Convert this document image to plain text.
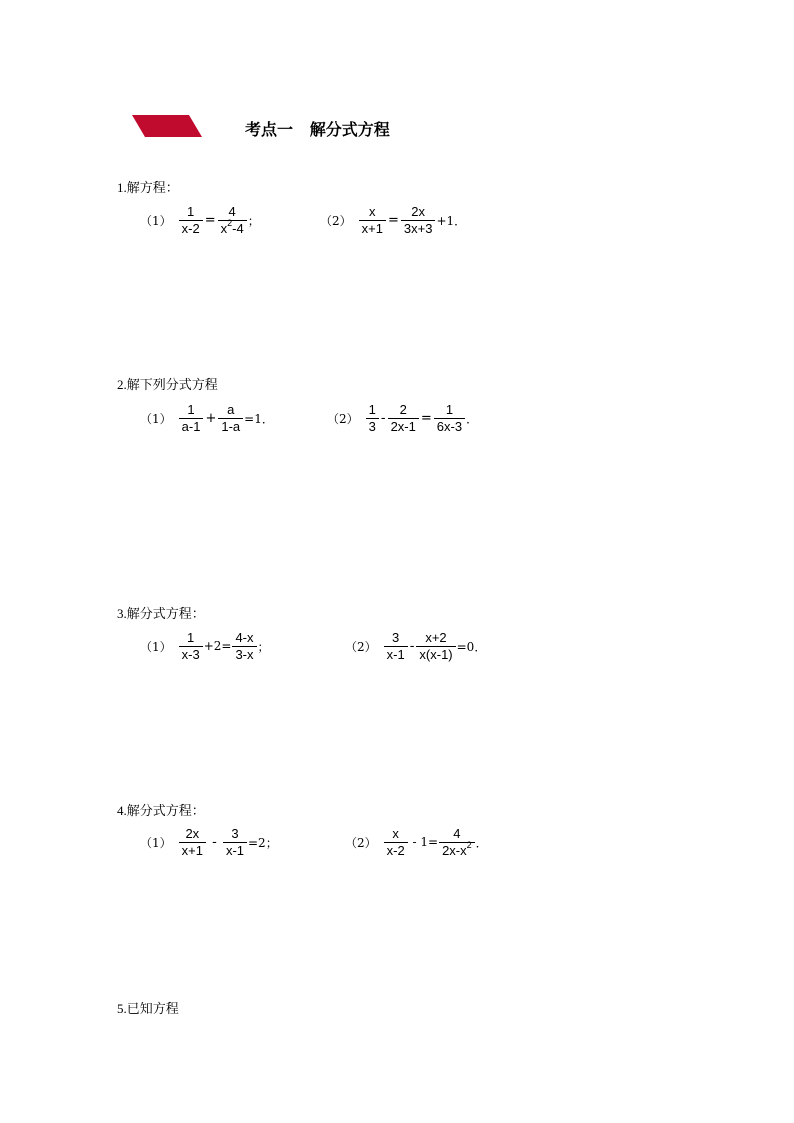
考点一   解分式方程
1.解方程：
$(1) \frac{1}{x-2} = \frac{4}{x^2-4}$ ；	$(2) \frac{x}{x+1} = \frac{2x}{3x+3} +1$．
2.解下列分式方程
$(1) \frac{1}{a-1} + \frac{a}{1-a} =1$．	$(2) \frac{1}{3} - \frac{2}{2x-1} = \frac{1}{6x-3}$ ．
3.解分式方程：
$(1) \frac{1}{x-3} +2= \frac{4-x}{3-x}$ ；	$(2) \frac{3}{x-1} - \frac{x+2}{x(x-1)} =0$．
4.解分式方程：
$(1) \frac{2x}{x+1} - \frac{3}{x-1} =2$；	$(2) \frac{x}{x-2} - 1= \frac{4}{2x-x^2}$ ．
5.已知方程
